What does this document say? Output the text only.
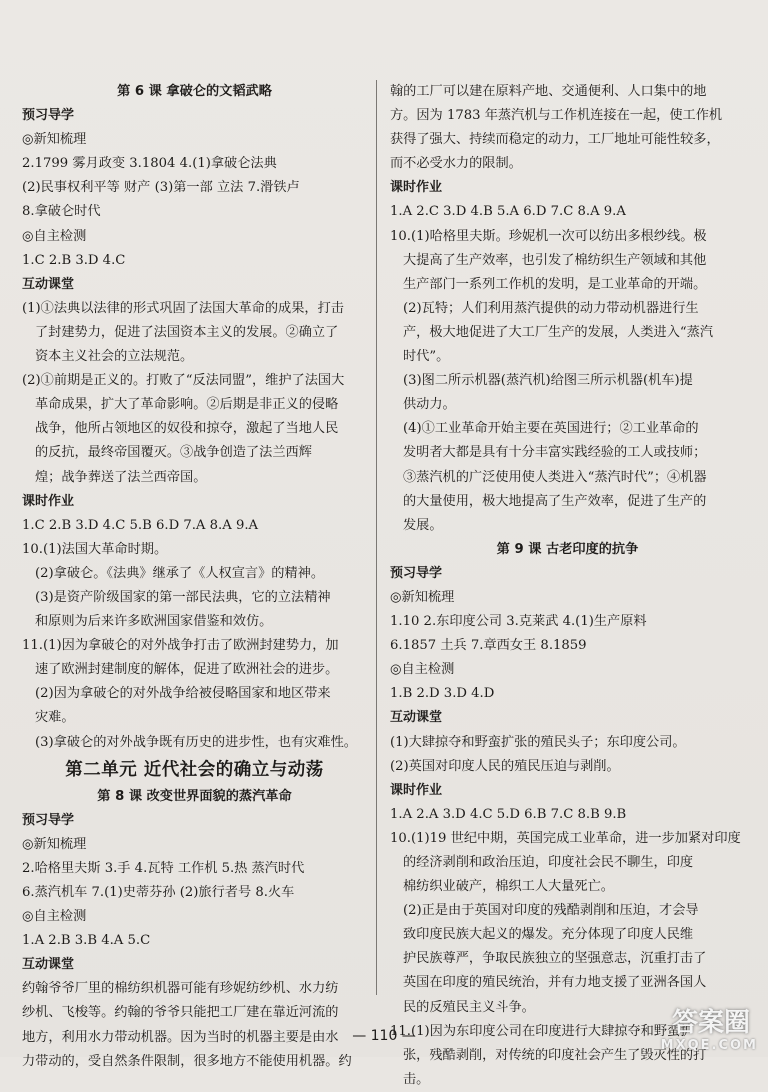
第 6 课 拿破仑的文韬武略
预习导学
◎新知梳理
2.1799 雾月政变 3.1804 4.(1)拿破仑法典
(2)民事权利平等 财产 (3)第一部 立法 7.滑铁卢
8.拿破仑时代
◎自主检测
1.C 2.B 3.D 4.C
互动课堂
(1)①法典以法律的形式巩固了法国大革命的成果，打击
了封建势力，促进了法国资本主义的发展。②确立了
资本主义社会的立法规范。
(2)①前期是正义的。打败了“反法同盟”，维护了法国大
革命成果，扩大了革命影响。②后期是非正义的侵略
战争，他所占领地区的奴役和掠夺，激起了当地人民
的反抗，最终帝国覆灭。③战争创造了法兰西辉
煌；战争葬送了法兰西帝国。
课时作业
1.C 2.B 3.D 4.C 5.B 6.D 7.A 8.A 9.A
10.(1)法国大革命时期。
(2)拿破仑。《法典》继承了《人权宣言》的精神。
(3)是资产阶级国家的第一部民法典，它的立法精神
和原则为后来许多欧洲国家借鉴和效仿。
11.(1)因为拿破仑的对外战争打击了欧洲封建势力，加
速了欧洲封建制度的解体，促进了欧洲社会的进步。
(2)因为拿破仑的对外战争给被侵略国家和地区带来
灾难。
(3)拿破仑的对外战争既有历史的进步性，也有灾难性。
第二单元 近代社会的确立与动荡
第 8 课 改变世界面貌的蒸汽革命
预习导学
◎新知梳理
2.哈格里夫斯 3.手 4.瓦特 工作机 5.热 蒸汽时代
6.蒸汽机车 7.(1)史蒂芬孙 (2)旅行者号 8.火车
◎自主检测
1.A 2.B 3.B 4.A 5.C
互动课堂
约翰爷爷厂里的棉纺织机器可能有珍妮纺纱机、水力纺
纱机、飞梭等。约翰的爷爷只能把工厂建在靠近河流的
地方，利用水力带动机器。因为当时的机器主要是由水
力带动的，受自然条件限制，很多地方不能使用机器。约
翰的工厂可以建在原料产地、交通便利、人口集中的地
方。因为 1783 年蒸汽机与工作机连接在一起，使工作机
获得了强大、持续而稳定的动力，工厂地址可能性较多，
而不必受水力的限制。
课时作业
1.A 2.C 3.D 4.B 5.A 6.D 7.C 8.A 9.A
10.(1)哈格里夫斯。珍妮机一次可以纺出多根纱线。极
大提高了生产效率，也引发了棉纺织生产领域和其他
生产部门一系列工作机的发明，是工业革命的开端。
(2)瓦特；人们利用蒸汽提供的动力带动机器进行生
产，极大地促进了大工厂生产的发展，人类进入“蒸汽
时代”。
(3)图二所示机器(蒸汽机)给图三所示机器(机车)提
供动力。
(4)①工业革命开始主要在英国进行；②工业革命的
发明者大都是具有十分丰富实践经验的工人或技师；
③蒸汽机的广泛使用使人类进入“蒸汽时代”；④机器
的大量使用，极大地提高了生产效率，促进了生产的
发展。
第 9 课 古老印度的抗争
预习导学
◎新知梳理
1.10 2.东印度公司 3.克莱武 4.(1)生产原料
6.1857 土兵 7.章西女王 8.1859
◎自主检测
1.B 2.D 3.D 4.D
互动课堂
(1)大肆掠夺和野蛮扩张的殖民头子；东印度公司。
(2)英国对印度人民的殖民压迫与剥削。
课时作业
1.A 2.A 3.D 4.C 5.D 6.B 7.C 8.B 9.B
10.(1)19 世纪中期，英国完成工业革命，进一步加紧对印度
的经济剥削和政治压迫，印度社会民不聊生，印度
棉纺织业破产，棉织工人大量死亡。
(2)正是由于英国对印度的残酷剥削和压迫，才会导
致印度民族大起义的爆发。充分体现了印度人民维
护民族尊严，争取民族独立的坚强意志，沉重打击了
英国在印度的殖民统治，并有力地支援了亚洲各国人
民的反殖民主义斗争。
11.(1)因为东印度公司在印度进行大肆掠夺和野蛮扩
张，残酷剥削，对传统的印度社会产生了毁灭性的打
击。
— 110 —	答案圈
MXQE.COM
